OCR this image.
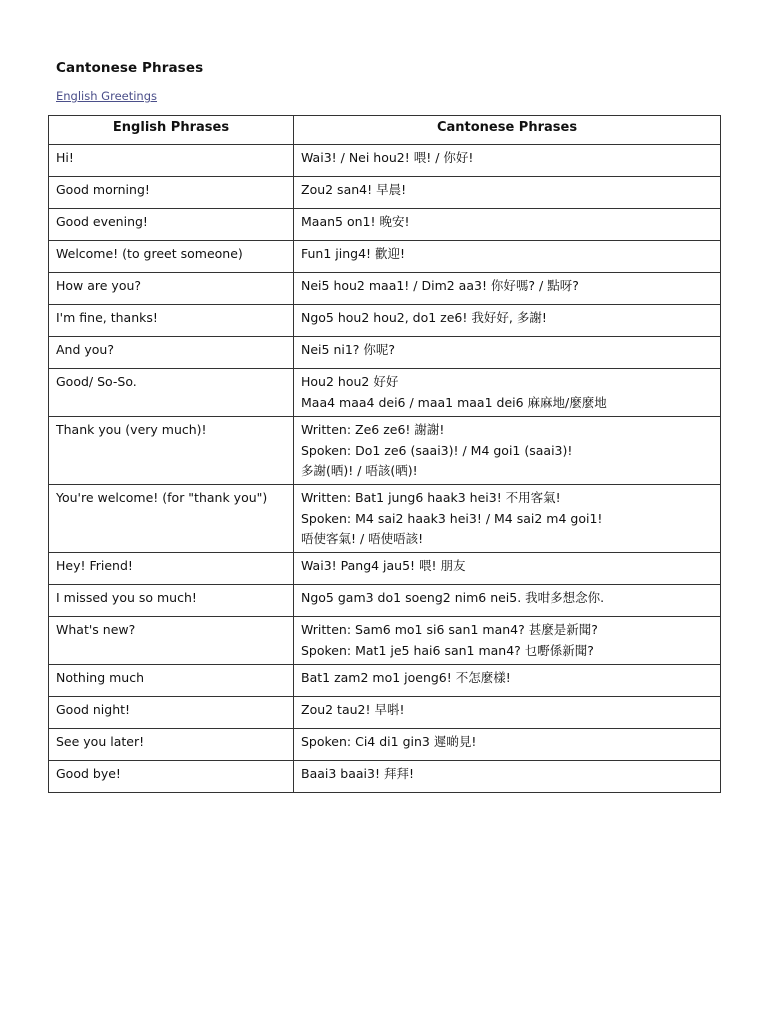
Cantonese Phrases
English Greetings
English Phrases	Cantonese Phrases
Hi!	Wai3! / Nei hou2! 喂! / 你好!

Good morning!	Zou2 san4! 早晨!

Good evening!	Maan5 on1! 晚安!

Welcome! (to greet someone)	Fun1 jing4! 歡迎!

How are you?	Nei5 hou2 maa1! / Dim2 aa3! 你好嗎? / 點呀?

I'm fine, thanks!	Ngo5 hou2 hou2, do1 ze6! 我好好, 多謝!

And you?	Nei5 ni1? 你呢?

Good/ So-So.	Hou2 hou2 好好
Maa4 maa4 dei6 / maa1 maa1 dei6 麻麻地/麼麼地

Thank you (very much)!	Written: Ze6 ze6! 謝謝!
Spoken: Do1 ze6 (saai3)! / M4 goi1 (saai3)!
多謝(晒)! / 唔該(晒)!

You're welcome! (for "thank you")	Written: Bat1 jung6 haak3 hei3! 不用客氣!
Spoken: M4 sai2 haak3 hei3! / M4 sai2 m4 goi1!
唔使客氣! / 唔使唔該!

Hey! Friend!	Wai3! Pang4 jau5! 喂! 朋友

I missed you so much!	Ngo5 gam3 do1 soeng2 nim6 nei5. 我咁多想念你.

What's new?	Written: Sam6 mo1 si6 san1 man4? 甚麼是新聞?
Spoken: Mat1 je5 hai6 san1 man4? 乜嘢係新聞?

Nothing much	Bat1 zam2 mo1 joeng6! 不怎麼樣!

Good night!	Zou2 tau2! 早唞!

See you later!	Spoken: Ci4 di1 gin3 遲啲見!

Good bye!	Baai3 baai3! 拜拜!
